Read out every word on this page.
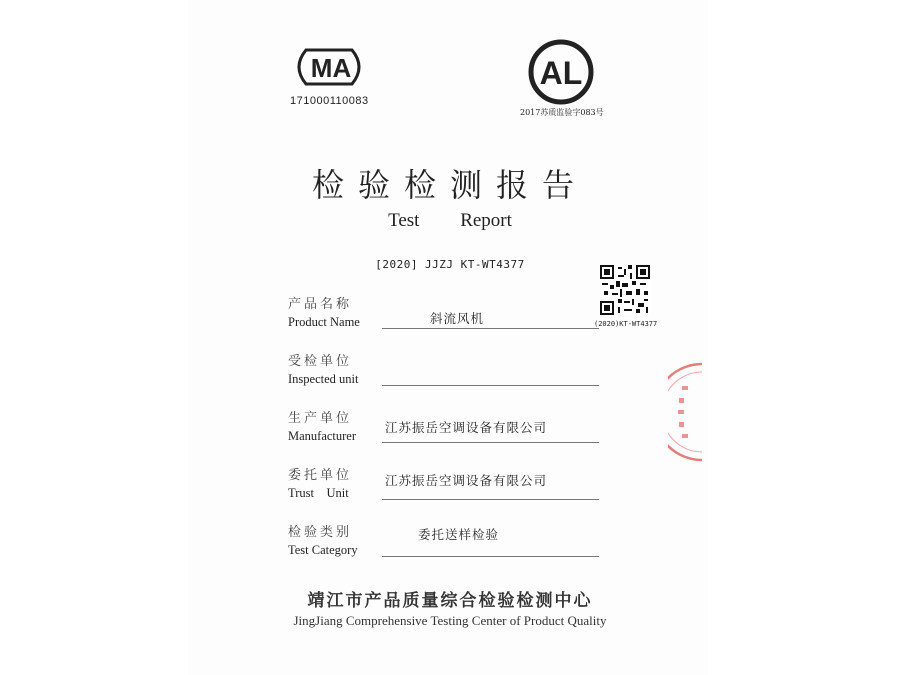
MA
171000110083
AL
2017苏质监验字083号
检验检测报告
Test Report
[2020] JJZJ KT-WT4377
(2020)KT-WT4377
产品名称
Product Name	斜流风机
受检单位
Inspected unit
生产单位
Manufacturer
江苏振岳空调设备有限公司
委托单位
Trust    Unit
江苏振岳空调设备有限公司
检验类别
Test Category
委托送样检验
靖江市产品质量综合检验检测中心
JingJiang Comprehensive Testing Center of Product Quality
